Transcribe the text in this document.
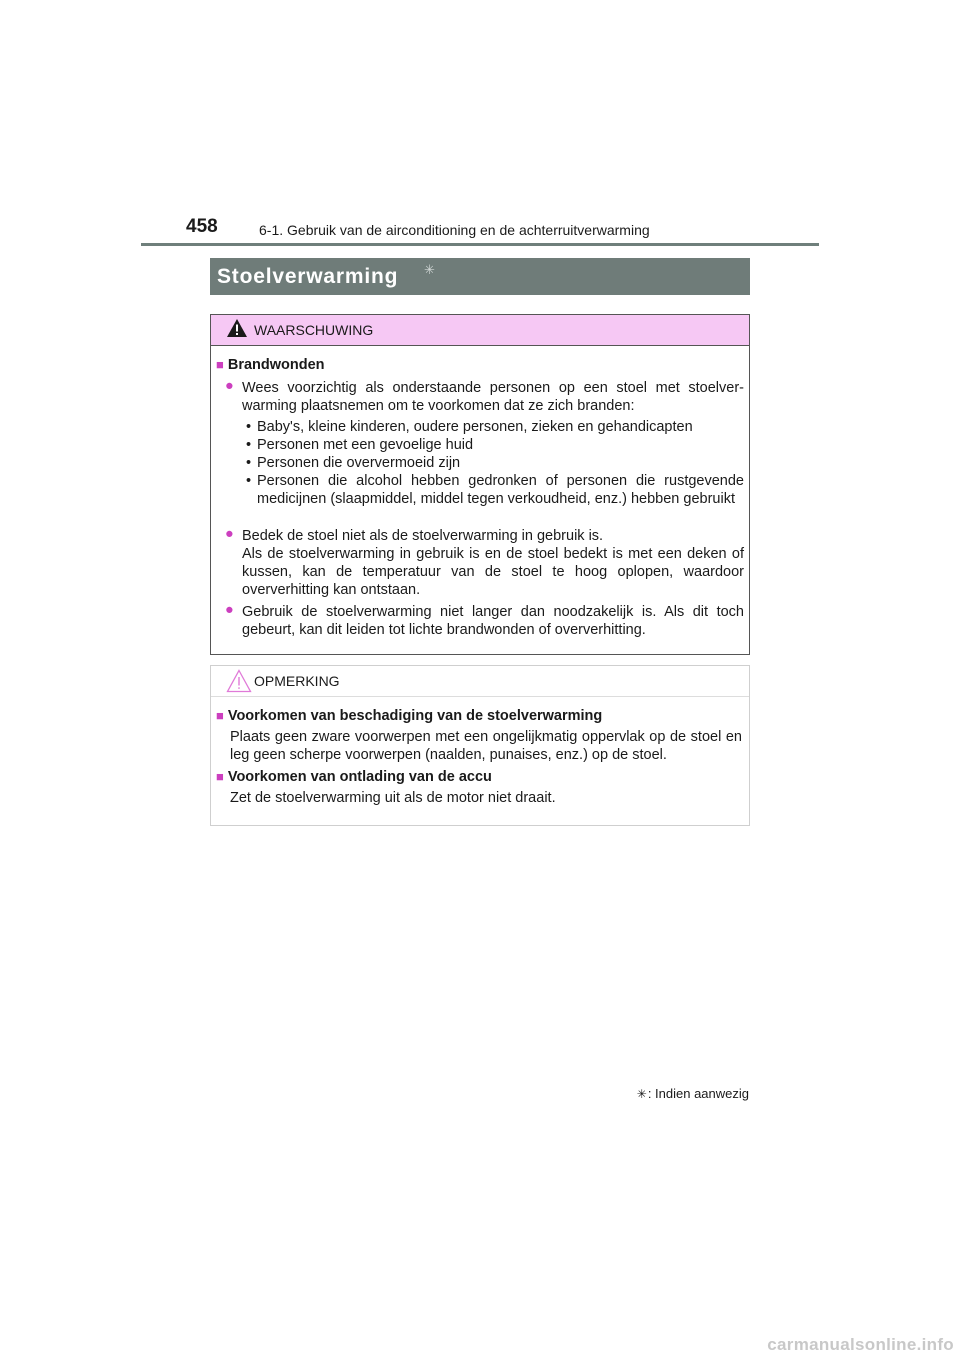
458	6-1. Gebruik van de airconditioning en de achterruitverwarming
Stoelverwarming ✳
WAARSCHUWING
■ Brandwonden
● Wees voorzichtig als onderstaande personen op een stoel met stoelver-warming plaatsnemen om te voorkomen dat ze zich branden:
• Baby's, kleine kinderen, oudere personen, zieken en gehandicapten
• Personen met een gevoelige huid
• Personen die oververmoeid zijn
• Personen die alcohol hebben gedronken of personen die rustgevende medicijnen (slaapmiddel, middel tegen verkoudheid, enz.) hebben gebruikt
● Bedek de stoel niet als de stoelverwarming in gebruik is.
Als de stoelverwarming in gebruik is en de stoel bedekt is met een deken of kussen, kan de temperatuur van de stoel te hoog oplopen, waardoor oververhitting kan ontstaan.
● Gebruik de stoelverwarming niet langer dan noodzakelijk is. Als dit toch gebeurt, kan dit leiden tot lichte brandwonden of oververhitting.
OPMERKING
■ Voorkomen van beschadiging van de stoelverwarming
Plaats geen zware voorwerpen met een ongelijkmatig oppervlak op de stoel en leg geen scherpe voorwerpen (naalden, punaises, enz.) op de stoel.
■ Voorkomen van ontlading van de accu
Zet de stoelverwarming uit als de motor niet draait.
✳: Indien aanwezig
carmanualsonline.info
